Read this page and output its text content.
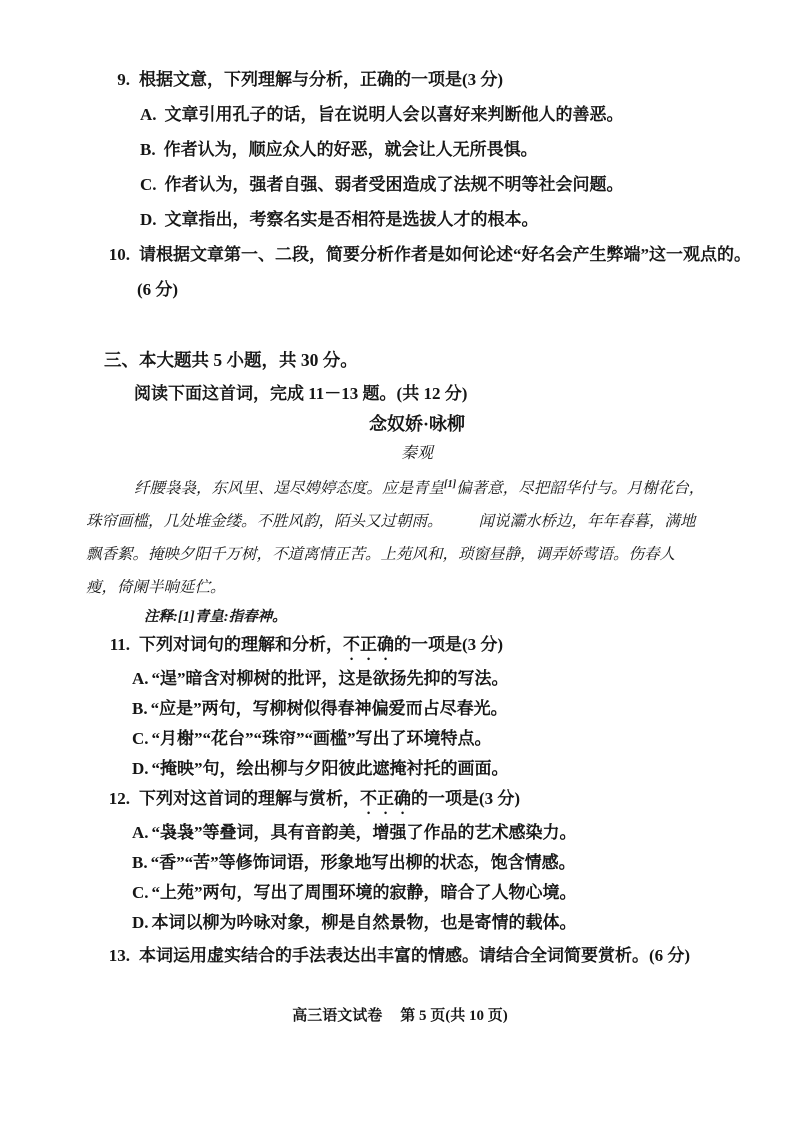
9. 根据文意，下列理解与分析，正确的一项是(3 分)
A. 文章引用孔子的话，旨在说明人会以喜好来判断他人的善恶。
B. 作者认为，顺应众人的好恶，就会让人无所畏惧。
C. 作者认为，强者自强、弱者受困造成了法规不明等社会问题。
D. 文章指出，考察名实是否相符是选拔人才的根本。
10. 请根据文章第一、二段，简要分析作者是如何论述“好名会产生弊端”这一观点的。
(6 分)
三、本大题共 5 小题，共 30 分。
阅读下面这首词，完成 11－13 题。(共 12 分)
念奴娇·咏柳
秦观
纤腰袅袅，东风里、逞尽娉婷态度。应是青皇[1]偏著意，尽把韶华付与。月榭花台，
珠帘画槛，几处堆金缕。不胜风韵，陌头又过朝雨。 闻说灞水桥边，年年春暮，满地
飘香絮。掩映夕阳千万树，不道离情正苦。上苑风和，琐窗昼静，调弄娇莺语。伤春人
瘦，倚阑半晌延伫。
注释:[1]青皇:指春神。
11. 下列对词句的理解和分析，不正确的一项是(3 分)
A. “逞”暗含对柳树的批评，这是欲扬先抑的写法。
B. “应是”两句，写柳树似得春神偏爱而占尽春光。
C. “月榭”“花台”“珠帘”“画槛”写出了环境特点。
D. “掩映”句，绘出柳与夕阳彼此遮掩衬托的画面。
12. 下列对这首词的理解与赏析，不正确的一项是(3 分)
A. “袅袅”等叠词，具有音韵美，增强了作品的艺术感染力。
B. “香”“苦”等修饰词语，形象地写出柳的状态，饱含情感。
C. “上苑”两句，写出了周围环境的寂静，暗合了人物心境。
D. 本词以柳为吟咏对象，柳是自然景物，也是寄情的载体。
13. 本词运用虚实结合的手法表达出丰富的情感。请结合全词简要赏析。(6 分)
高三语文试卷 第 5 页(共 10 页)
